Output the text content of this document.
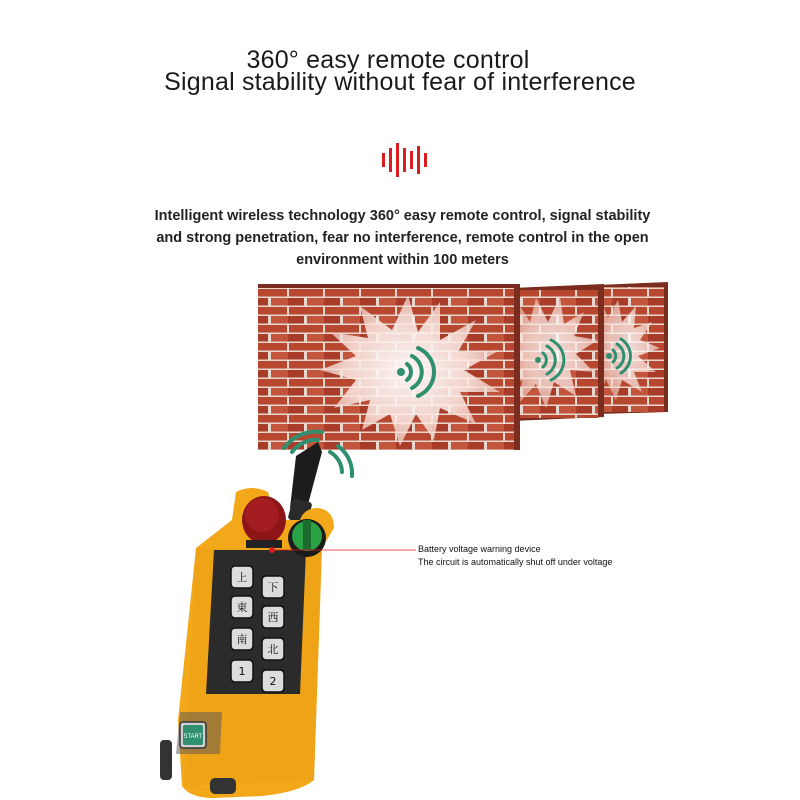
360° easy remote control
Signal stability without fear of interference
Intelligent wireless technology 360° easy remote control, signal stability and strong penetration, fear no interference, remote control in the open environment within 100 meters
上
下
東
西
南
北
1
2
START
Battery voltage warning device
The circuit is automatically shut off under voltage
